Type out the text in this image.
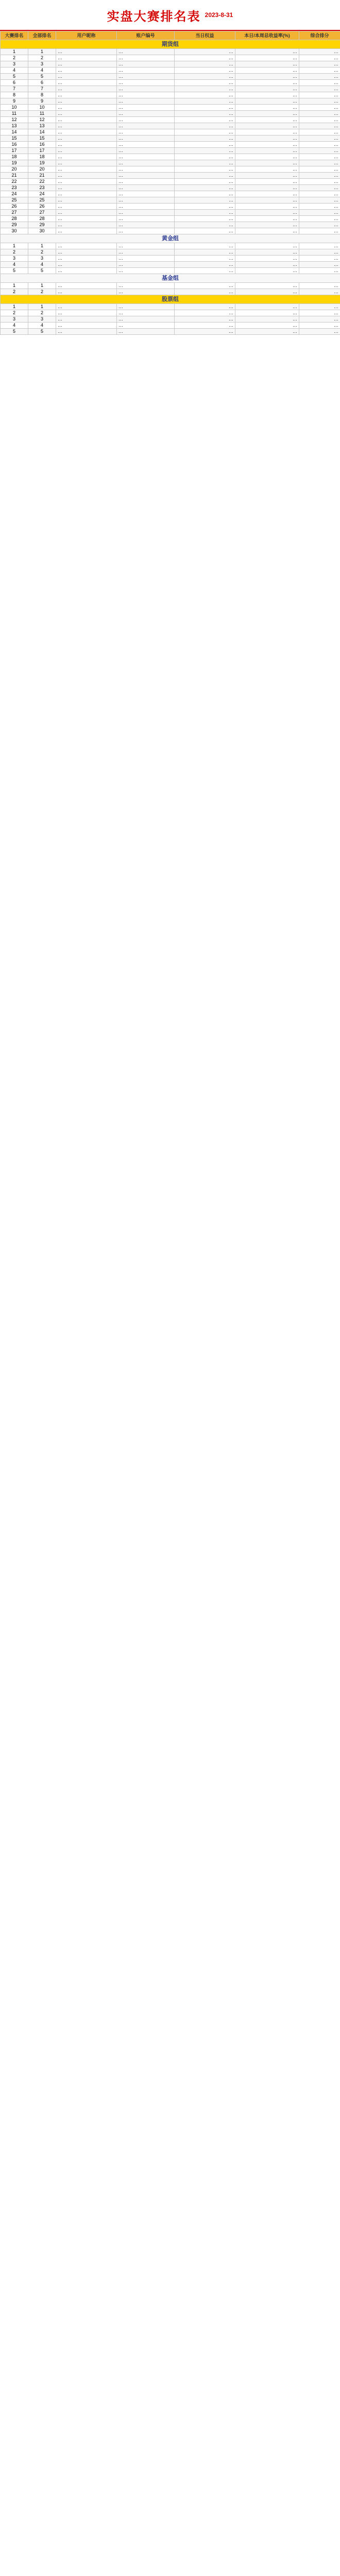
实盘大赛排名表 2023-8-31
大赛排名	全部排名	用户昵称	账户编号	当日权益	本日/本周总收益率(%)	综合排分
期货组						
1	1	…	…	…	…	…
2	2	…	…	…	…	…
3	3	…	…	…	…	…
4	4	…	…	…	…	…
5	5	…	…	…	…	…
6	6	…	…	…	…	…
7	7	…	…	…	…	…
8	8	…	…	…	…	…
9	9	…	…	…	…	…
10	10	…	…	…	…	…
11	11	…	…	…	…	…
12	12	…	…	…	…	…
13	13	…	…	…	…	…
14	14	…	…	…	…	…
15	15	…	…	…	…	…
16	16	…	…	…	…	…
17	17	…	…	…	…	…
18	18	…	…	…	…	…
19	19	…	…	…	…	…
20	20	…	…	…	…	…
21	21	…	…	…	…	…
22	22	…	…	…	…	…
23	23	…	…	…	…	…
24	24	…	…	…	…	…
25	25	…	…	…	…	…
26	26	…	…	…	…	…
27	27	…	…	…	…	…
28	28	…	…	…	…	…
29	29	…	…	…	…	…
30	30	…	…	…	…	…
黄金组						
1	1	…	…	…	…	…
2	2	…	…	…	…	…
3	3	…	…	…	…	…
4	4	…	…	…	…	…
5	5	…	…	…	…	…
基金组						
1	1	…	…	…	…	…
2	2	…	…	…	…	…
股票组						
1	1	…	…	…	…	…
2	2	…	…	…	…	…
3	3	…	…	…	…	…
4	4	…	…	…	…	…
5	5	…	…	…	…	…
